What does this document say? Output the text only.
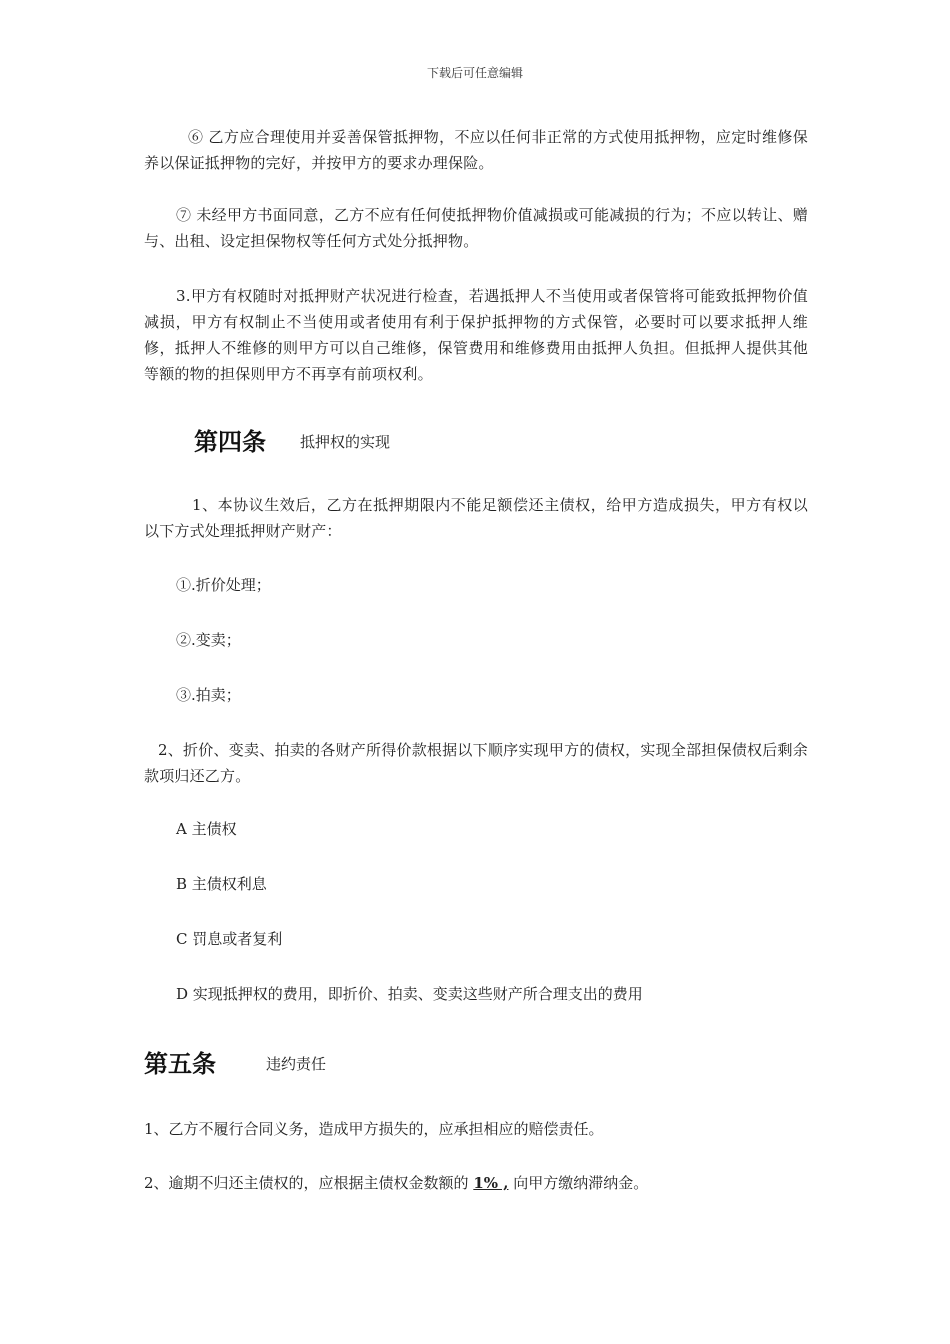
下载后可任意编辑

⑥ 乙方应合理使用并妥善保管抵押物，不应以任何非正常的方式使用抵押物，应定时维修保养以保证抵押物的完好，并按甲方的要求办理保险。

⑦ 未经甲方书面同意，乙方不应有任何使抵押物价值减损或可能减损的行为；不应以转让、赠与、出租、设定担保物权等任何方式处分抵押物。

3.甲方有权随时对抵押财产状况进行检查，若遇抵押人不当使用或者保管将可能致抵押物价值减损，甲方有权制止不当使用或者使用有利于保护抵押物的方式保管，必要时可以要求抵押人维修，抵押人不维修的则甲方可以自己维修，保管费用和维修费用由抵押人负担。但抵押人提供其他等额的物的担保则甲方不再享有前项权利。

第四条 抵押权的实现

1、本协议生效后，乙方在抵押期限内不能足额偿还主债权，给甲方造成损失，甲方有权以以下方式处理抵押财产财产：

①.折价处理；

②.变卖；

③.拍卖；

2、折价、变卖、拍卖的各财产所得价款根据以下顺序实现甲方的债权，实现全部担保债权后剩余款项归还乙方。

A 主债权

B 主债权利息

C 罚息或者复利

D 实现抵押权的费用，即折价、拍卖、变卖这些财产所合理支出的费用

第五条	违约责任

1、乙方不履行合同义务，造成甲方损失的，应承担相应的赔偿责任。

2、逾期不归还主债权的，应根据主债权金数额的 1% , 向甲方缴纳滞纳金。
